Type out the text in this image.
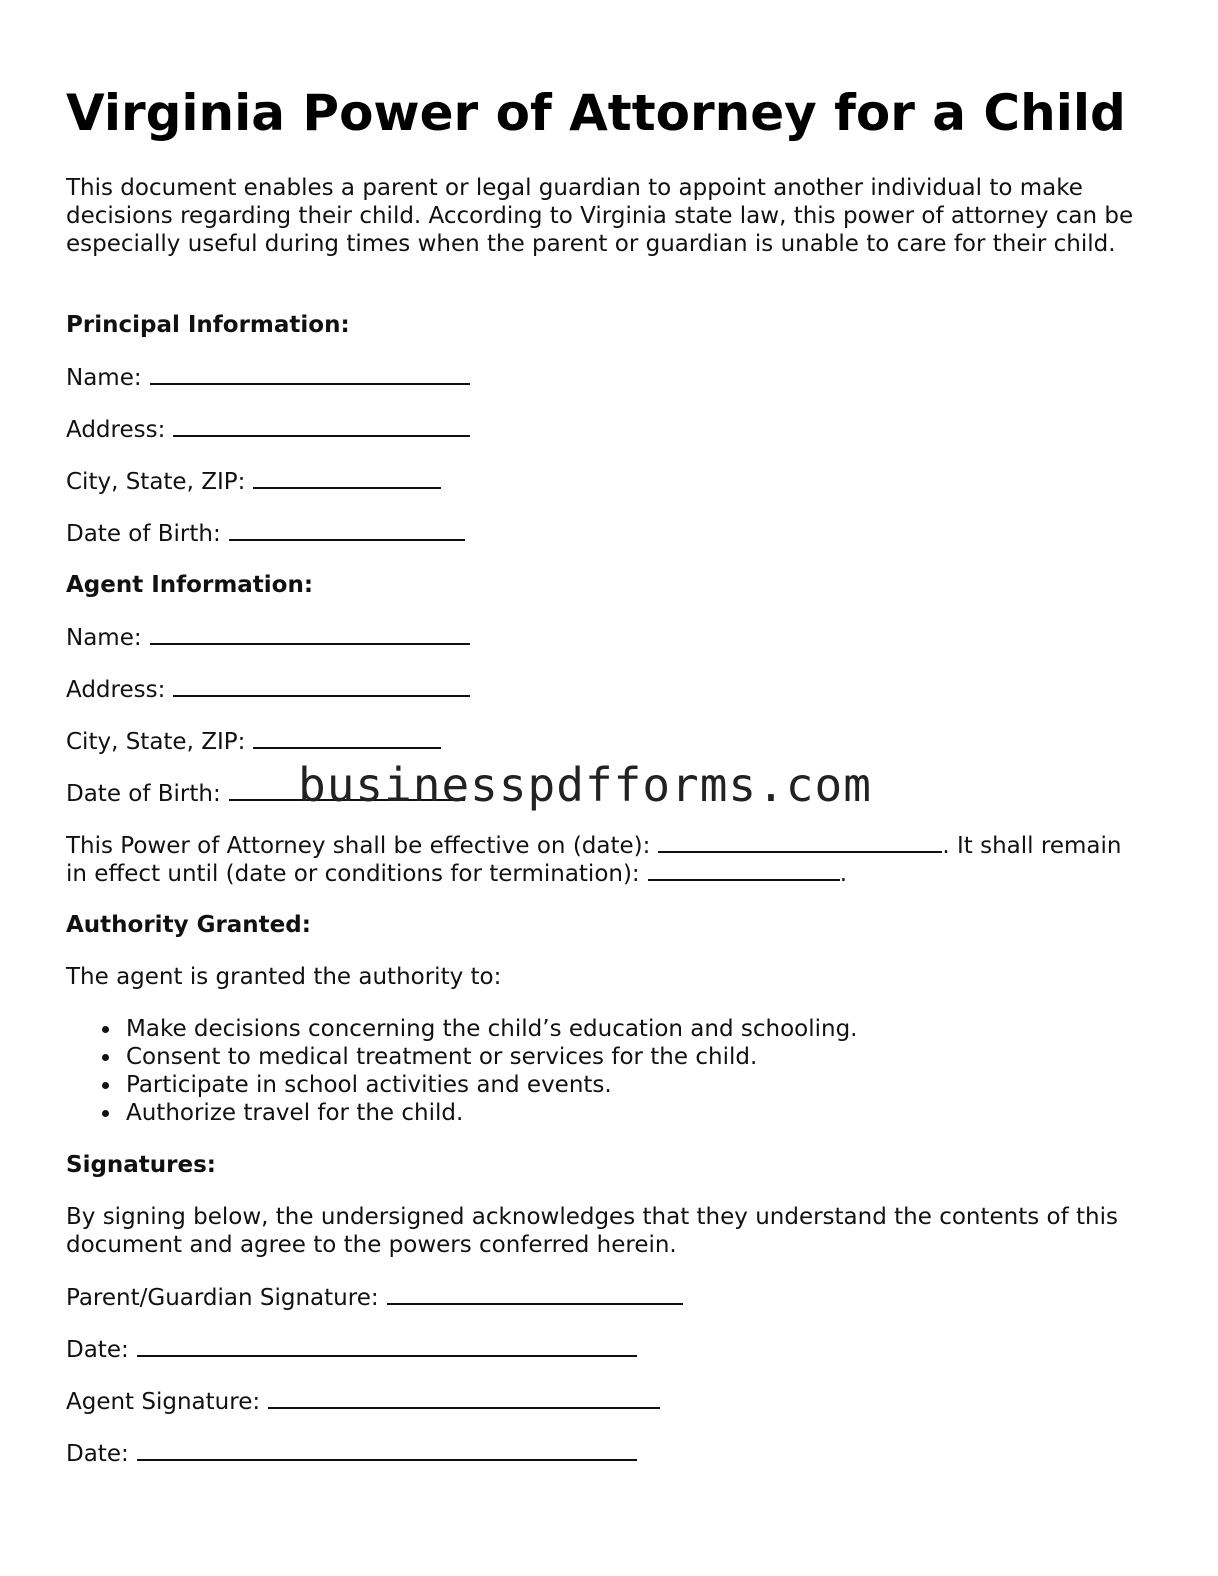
Virginia Power of Attorney for a Child

This document enables a parent or legal guardian to appoint another individual to make decisions regarding their child. According to Virginia state law, this power of attorney can be especially useful during times when the parent or guardian is unable to care for their child.

Principal Information:

Name:

Address:

City, State, ZIP:

Date of Birth:

Agent Information:

Name:

Address:

City, State, ZIP:

Date of Birth:

This Power of Attorney shall be effective on (date):	. It shall remain

in effect until (date or conditions for termination):	.

Authority Granted:

The agent is granted the authority to:

Make decisions concerning the child’s education and schooling.
Consent to medical treatment or services for the child.
Participate in school activities and events.
Authorize travel for the child.

Signatures:

By signing below, the undersigned acknowledges that they understand the contents of this document and agree to the powers conferred herein.

Parent/Guardian Signature:

Date:

Agent Signature:

Date:

businesspdfforms.com
